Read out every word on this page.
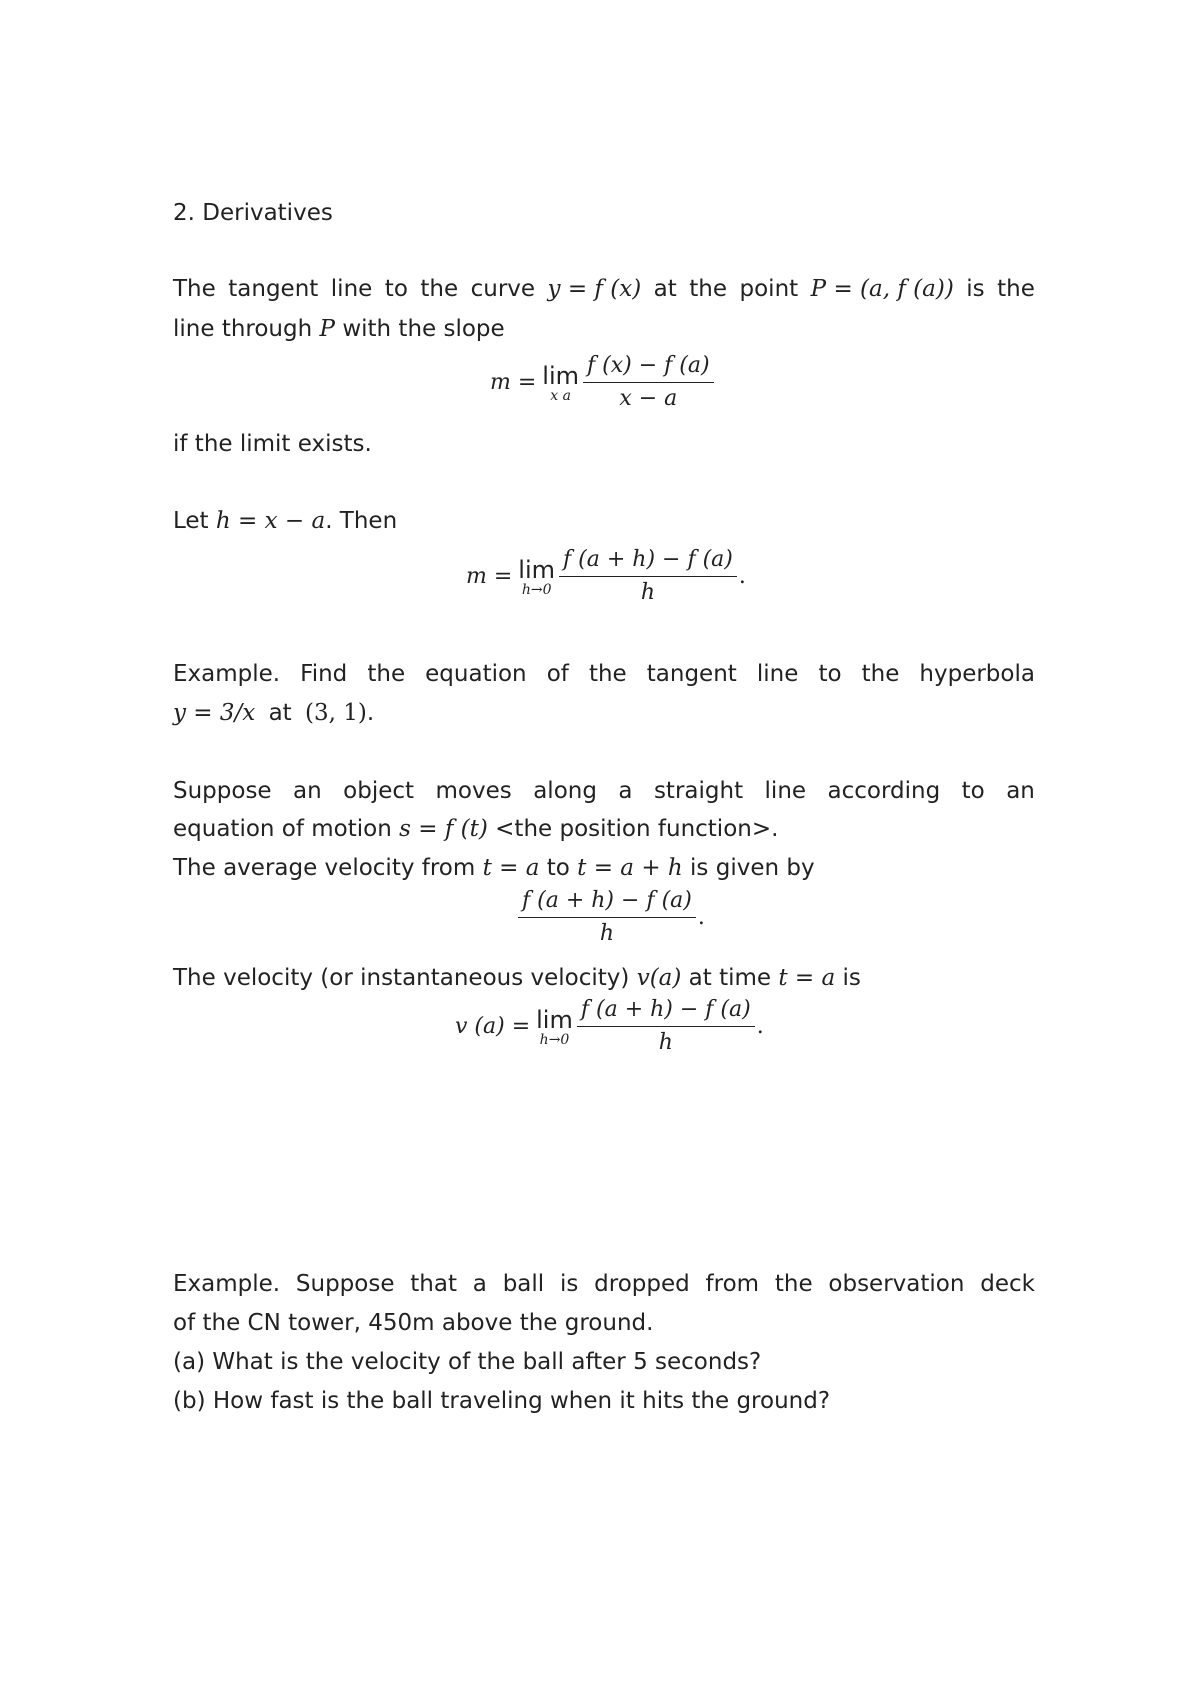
2. Derivatives
The tangent line to the curve y = f (x) at the point P = (a, f (a)) is the
line through P with the slope
m = lim
x a $\frac{f (x) - f (a)}{x - a}$
if the limit exists.
Let h = x − a. Then
m = lim
$h\to 0 \frac{f (a + h) - f (a)}{h}$ .
Example. Find the equation of the tangent line to the hyperbola
y = 3/x at (3, 1).
Suppose an object moves along a straight line according to an
equation of motion s = f (t) <the position function>.
The average velocity from t = a to t = a + h is given by
$\frac{f (a + h) - f (a)}{h}$ .
The velocity (or instantaneous velocity) v(a) at time t = a is
v (a) = lim
$h\to 0 \frac{f (a + h) - f (a)}{h}$ .
Example. Suppose that a ball is dropped from the observation deck
of the CN tower, 450m above the ground.
(a) What is the velocity of the ball after 5 seconds?
(b) How fast is the ball traveling when it hits the ground?
